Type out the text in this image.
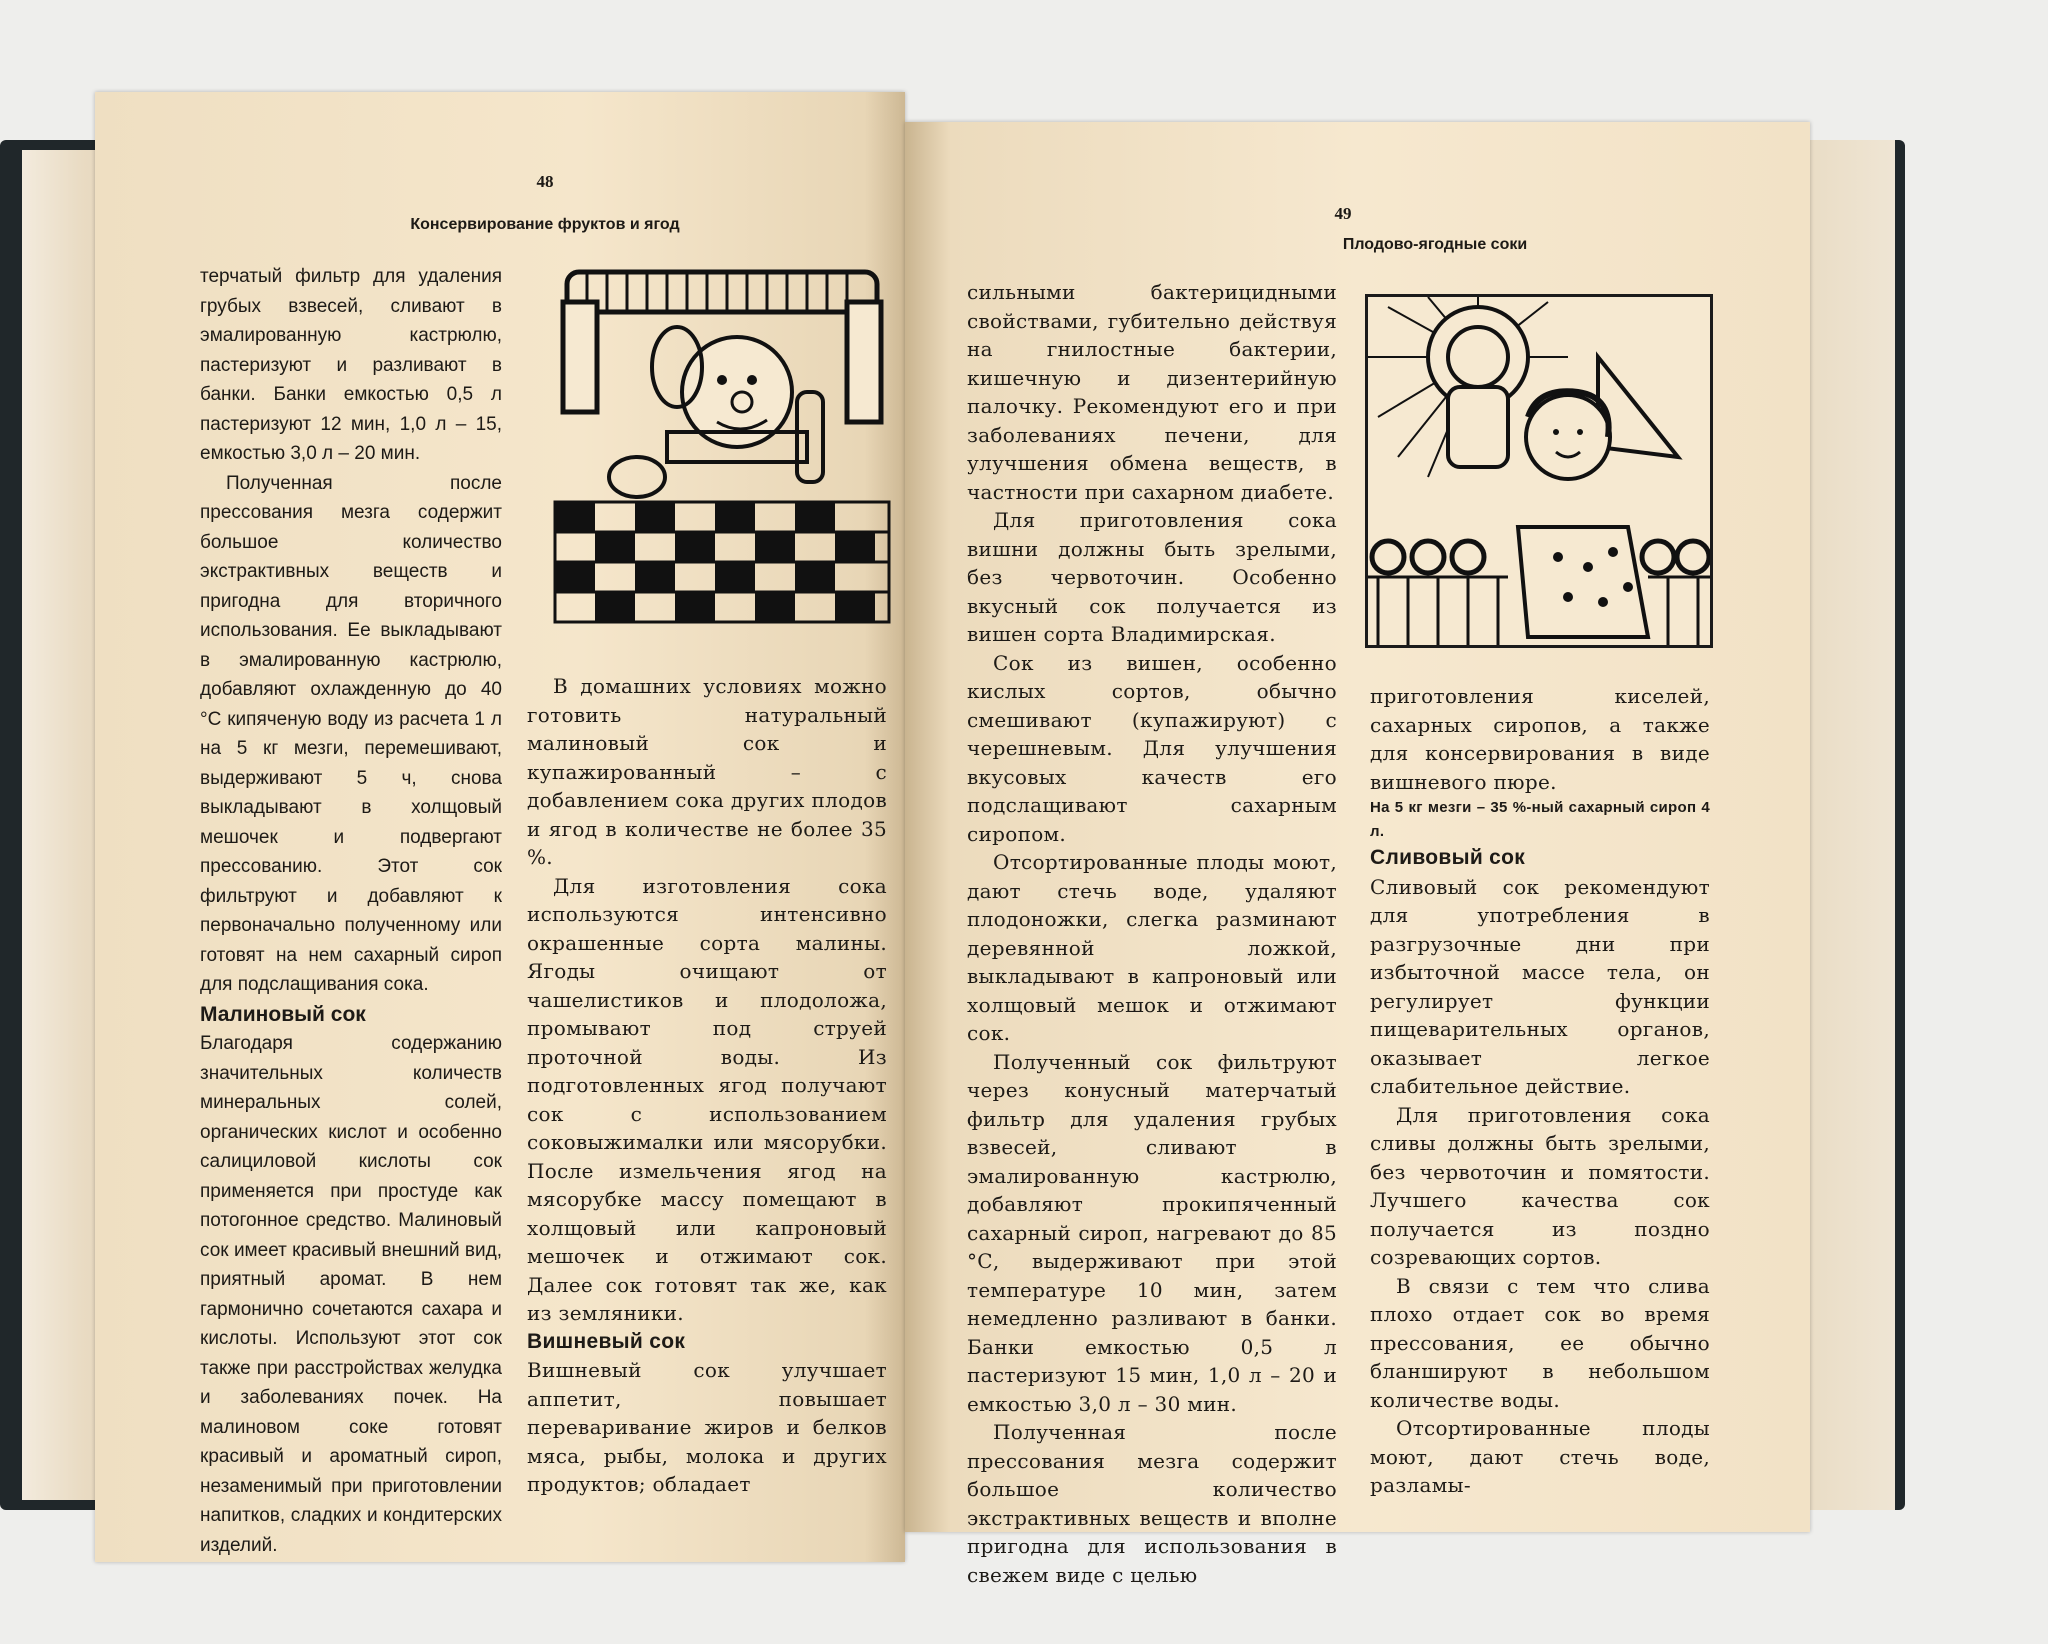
48
Консервирование фруктов и ягод

терчатый фильтр для удаления грубых взвесей, сливают в эмалированную кастрюлю, пастеризуют и разливают в банки. Банки емкостью 0,5 л пастеризуют 12 мин, 1,0 л – 15, емкостью 3,0 л – 20 мин.

Полученная после прессования мезга содержит большое количество экстрактивных веществ и пригодна для вторичного использования. Ее выкладывают в эмалированную кастрюлю, добавляют охлажденную до 40 °С кипяченую воду из расчета 1 л на 5 кг мезги, перемешивают, выдерживают 5 ч, снова выкладывают в холщовый мешочек и подвергают прессованию. Этот сок фильтруют и добавляют к первоначально полученному или готовят на нем сахарный сироп для подслащивания сока.

Малиновый сок

Благодаря содержанию значительных количеств минеральных солей, органических кислот и особенно салициловой кислоты сок применяется при простуде как потогонное средство. Малиновый сок имеет красивый внешний вид, приятный аромат. В нем гармонично сочетаются сахара и кислоты. Используют этот сок также при расстройствах желудка и заболеваниях почек. На малиновом соке готовят красивый и ароматный сироп, незаменимый при приготовлении напитков, сладких и кондитерских изделий.

В домашних условиях можно готовить натуральный малиновый сок и купажированный – с добавлением сока других плодов и ягод в количестве не более 35 %.

Для изготовления сока используются интенсивно окрашенные сорта малины. Ягоды очищают от чашелистиков и плодоложа, промывают под струей проточной воды. Из подготовленных ягод получают сок с использованием соковыжималки или мясорубки. После измельчения ягод на мясорубке массу помещают в холщовый или капроновый мешочек и отжимают сок. Далее сок готовят так же, как из земляники.

Вишневый сок

Вишневый сок улучшает аппетит, повышает переваривание жиров и белков мяса, рыбы, молока и других продуктов; обладает

49
Плодово-ягодные соки

сильными бактерицидными свойствами, губительно действуя на гнилостные бактерии, кишечную и дизентерийную палочку. Рекомендуют его и при заболеваниях печени, для улучшения обмена веществ, в частности при сахарном диабете.

Для приготовления сока вишни должны быть зрелыми, без червоточин. Особенно вкусный сок получается из вишен сорта Владимирская.

Сок из вишен, особенно кислых сортов, обычно смешивают (купажируют) с черешневым. Для улучшения вкусовых качеств его подслащивают сахарным сиропом.

Отсортированные плоды моют, дают стечь воде, удаляют плодоножки, слегка разминают деревянной ложкой, выкладывают в капроновый или холщовый мешок и отжимают сок.

Полученный сок фильтруют через конусный матерчатый фильтр для удаления грубых взвесей, сливают в эмалированную кастрюлю, добавляют прокипяченный сахарный сироп, нагревают до 85 °С, выдерживают при этой температуре 10 мин, затем немедленно разливают в банки. Банки емкостью 0,5 л пастеризуют 15 мин, 1,0 л – 20 и емкостью 3,0 л – 30 мин.

Полученная после прессования мезга содержит большое количество экстрактивных веществ и вполне пригодна для использования в свежем виде с целью

приготовления киселей, сахарных сиропов, а также для консервирования в виде вишневого пюре.

На 5 кг мезги – 35 %-ный сахарный сироп 4 л.

Сливовый сок

Сливовый сок рекомендуют для употребления в разгрузочные дни при избыточной массе тела, он регулирует функции пищеварительных органов, оказывает легкое слабительное действие.

Для приготовления сока сливы должны быть зрелыми, без червоточин и помятости. Лучшего качества сок получается из поздно созревающих сортов.

В связи с тем что слива плохо отдает сок во время прессования, ее обычно бланшируют в небольшом количестве воды.

Отсортированные плоды моют, дают стечь воде, разламы-
